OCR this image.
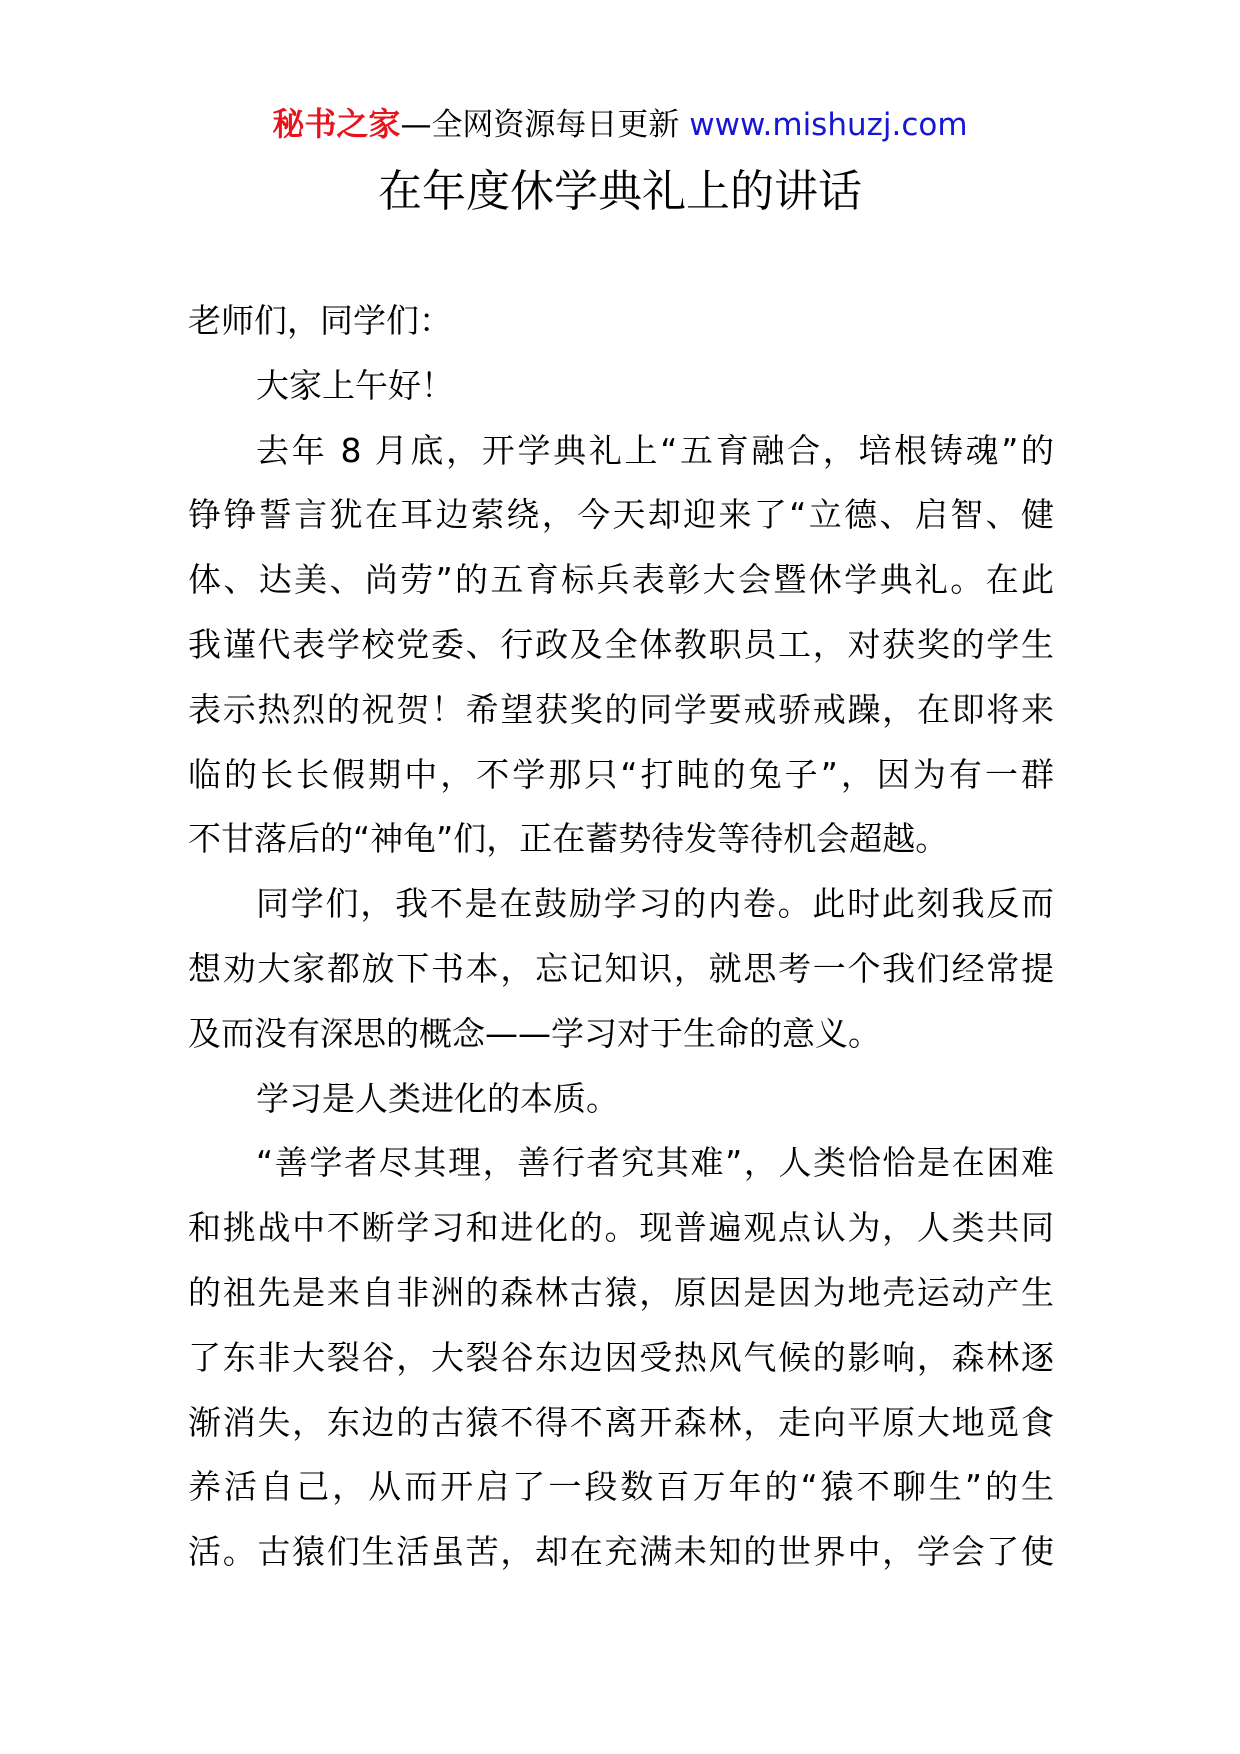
秘书之家—全网资源每日更新 www.mishuzj.com
在年度休学典礼上的讲话
老师们，同学们：
大家上午好！
去年 8 月底，开学典礼上“五育融合，培根铸魂”的
铮铮誓言犹在耳边萦绕，今天却迎来了“立德、启智、健
体、达美、尚劳”的五育标兵表彰大会暨休学典礼。在此
我谨代表学校党委、行政及全体教职员工，对获奖的学生
表示热烈的祝贺！希望获奖的同学要戒骄戒躁，在即将来
临的长长假期中，不学那只“打盹的兔子”，因为有一群
不甘落后的“神龟”们，正在蓄势待发等待机会超越。
同学们，我不是在鼓励学习的内卷。此时此刻我反而
想劝大家都放下书本，忘记知识，就思考一个我们经常提
及而没有深思的概念——学习对于生命的意义。
学习是人类进化的本质。
“善学者尽其理，善行者究其难”，人类恰恰是在困难
和挑战中不断学习和进化的。现普遍观点认为，人类共同
的祖先是来自非洲的森林古猿，原因是因为地壳运动产生
了东非大裂谷，大裂谷东边因受热风气候的影响，森林逐
渐消失，东边的古猿不得不离开森林，走向平原大地觅食
养活自己，从而开启了一段数百万年的“猿不聊生”的生
活。古猿们生活虽苦，却在充满未知的世界中，学会了使
